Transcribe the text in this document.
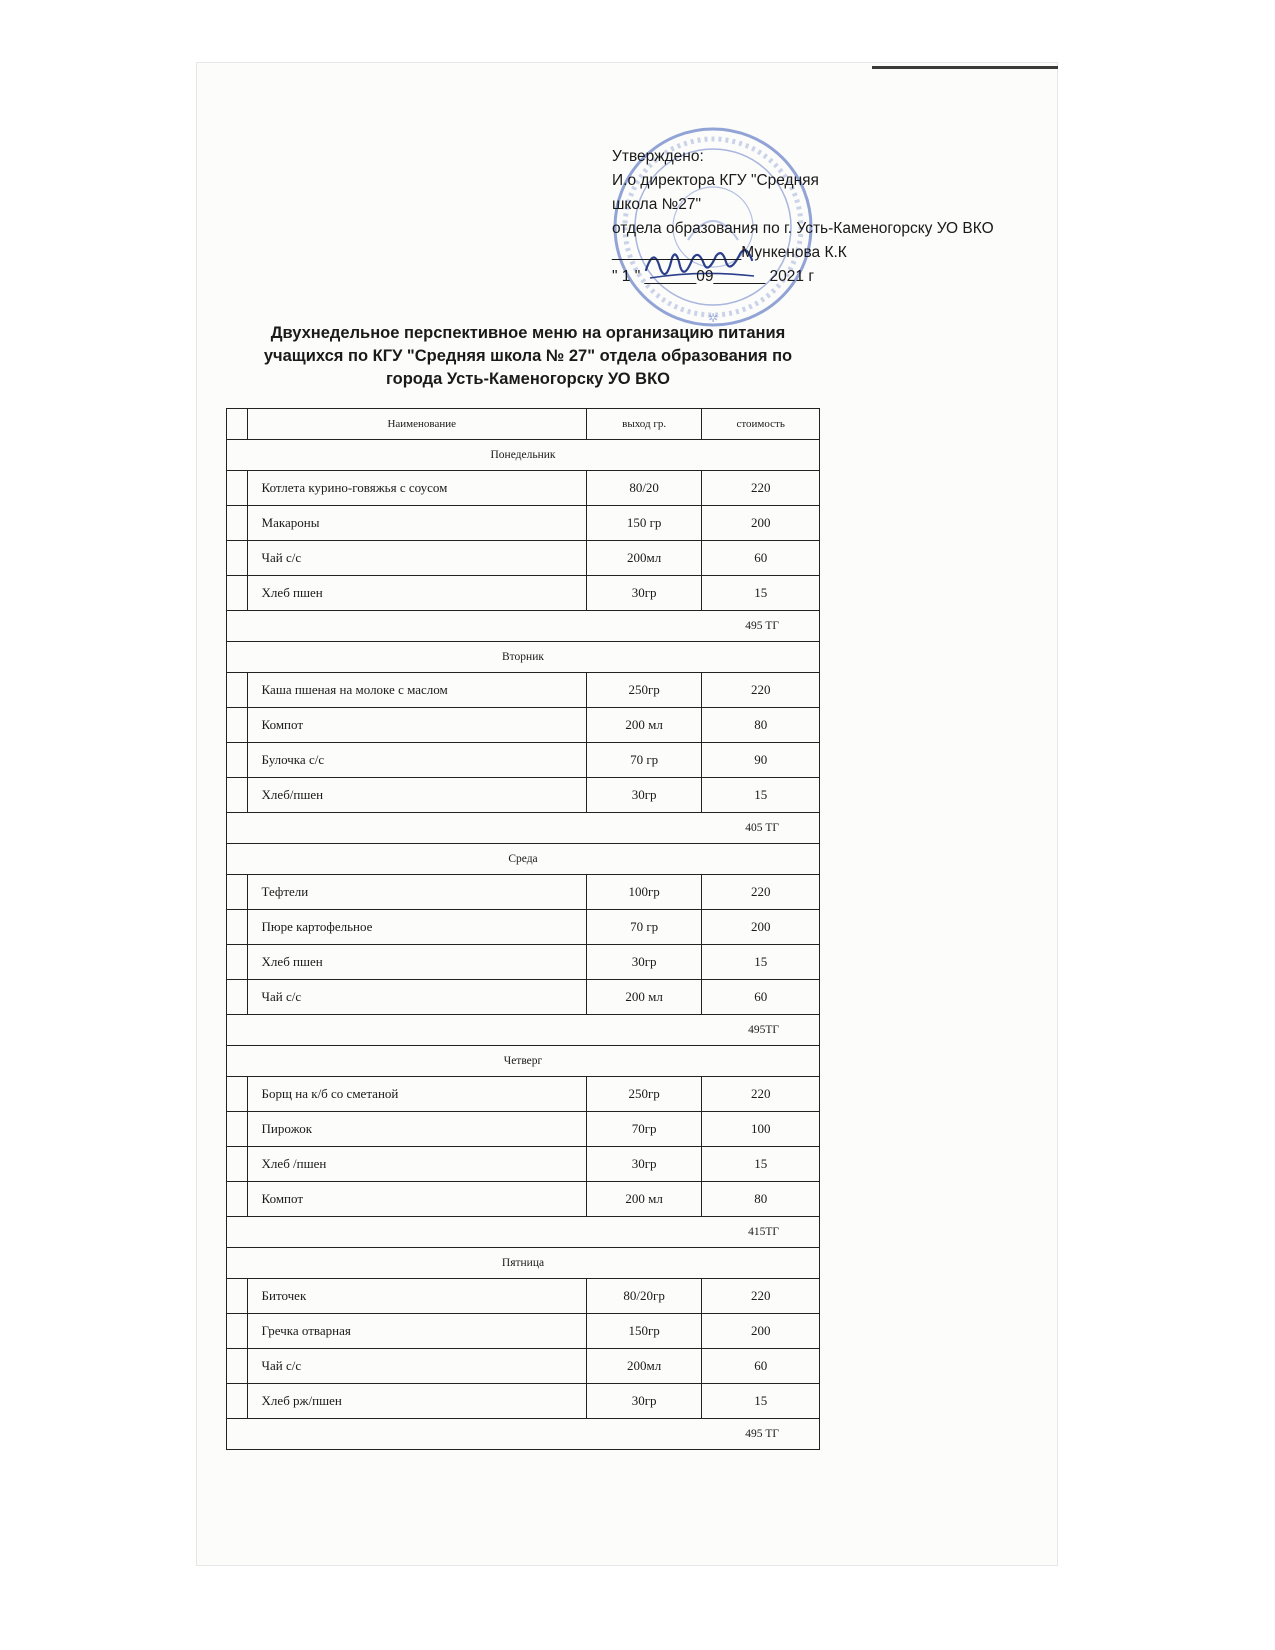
✲
Утверждено:
И.о директора КГУ "Средняя
школа №27"
отдела образования по г. Усть-Каменогорску УО ВКО
_______________Мункенова К.К
" 1 " ______09______ 2021 г
Двухнедельное перспективное меню на организацию питания
учащихся по КГУ "Средняя школа № 27" отдела образования по
города Усть-Каменогорску УО ВКО
	Наименование	выход гр.	стоимость
Понедельник			
	Котлета курино-говяжья с соусом	80/20	220
	Макароны	150 гр	200
	Чай с/с	200мл	60
	Хлеб пшен	30гр	15
495 ТГ			
Вторник			
	Каша пшеная на молоке с маслом	250гр	220
	Компот	200 мл	80
	Булочка с/с	70 гр	90
	Хлеб/пшен	30гр	15
405 ТГ			
Среда			
	Тефтели	100гр	220
	Пюре картофельное	70 гр	200
	Хлеб пшен	30гр	15
	Чай с/с	200 мл	60
495ТГ			
Четверг			
	Борщ на к/б со сметаной	250гр	220
	Пирожок	70гр	100
	Хлеб /пшен	30гр	15
	Компот	200 мл	80
415ТГ			
Пятница			
	Биточек	80/20гр	220
	Гречка отварная	150гр	200
	Чай с/с	200мл	60
	Хлеб рж/пшен	30гр	15
495 ТГ			
